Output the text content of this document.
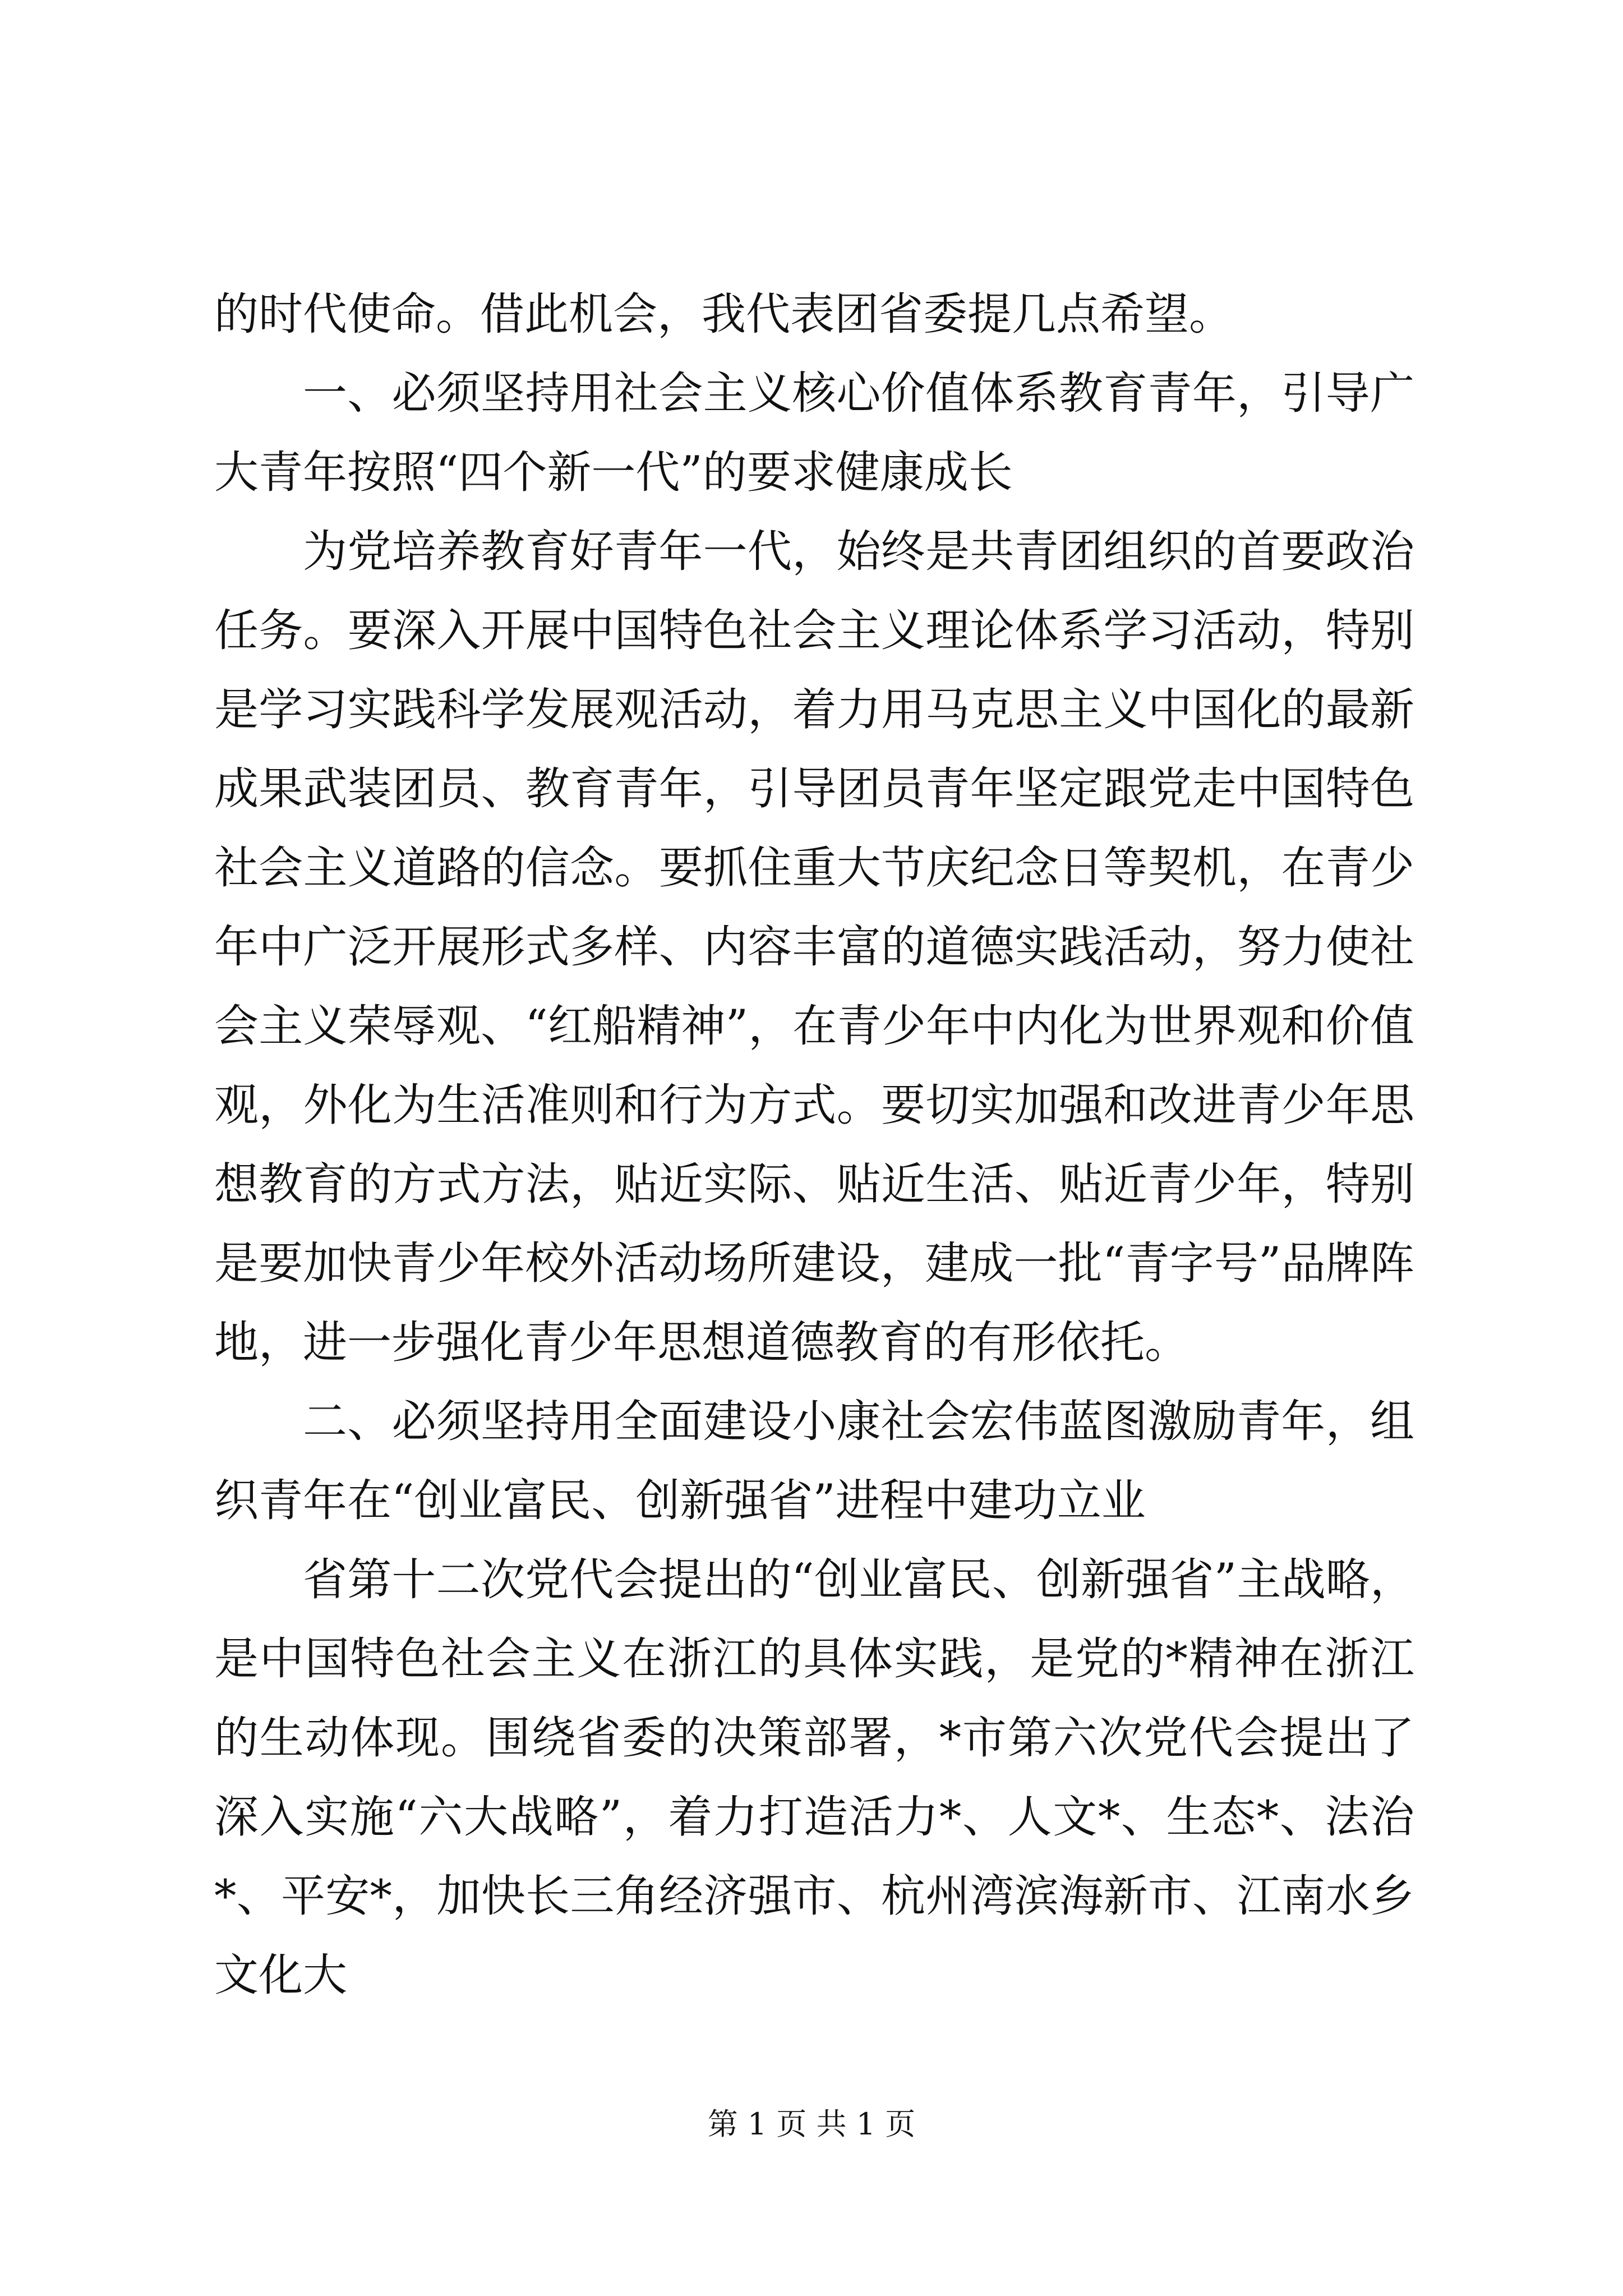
的时代使命。借此机会，我代表团省委提几点希望。

一、必须坚持用社会主义核心价值体系教育青年，引导广大青年按照“四个新一代”的要求健康成长

为党培养教育好青年一代，始终是共青团组织的首要政治任务。要深入开展中国特色社会主义理论体系学习活动，特别是学习实践科学发展观活动，着力用马克思主义中国化的最新成果武装团员、教育青年，引导团员青年坚定跟党走中国特色社会主义道路的信念。要抓住重大节庆纪念日等契机，在青少年中广泛开展形式多样、内容丰富的道德实践活动，努力使社会主义荣辱观、“红船精神”，在青少年中内化为世界观和价值观，外化为生活准则和行为方式。要切实加强和改进青少年思想教育的方式方法，贴近实际、贴近生活、贴近青少年，特别是要加快青少年校外活动场所建设，建成一批“青字号”品牌阵地，进一步强化青少年思想道德教育的有形依托。

二、必须坚持用全面建设小康社会宏伟蓝图激励青年，组织青年在“创业富民、创新强省”进程中建功立业

省第十二次党代会提出的“创业富民、创新强省”主战略，是中国特色社会主义在浙江的具体实践，是党的*精神在浙江的生动体现。围绕省委的决策部署，*市第六次党代会提出了深入实施“六大战略”，着力打造活力*、人文*、生态*、法治*、平安*，加快长三角经济强市、杭州湾滨海新市、江南水乡文化大

第 1 页 共 1 页
